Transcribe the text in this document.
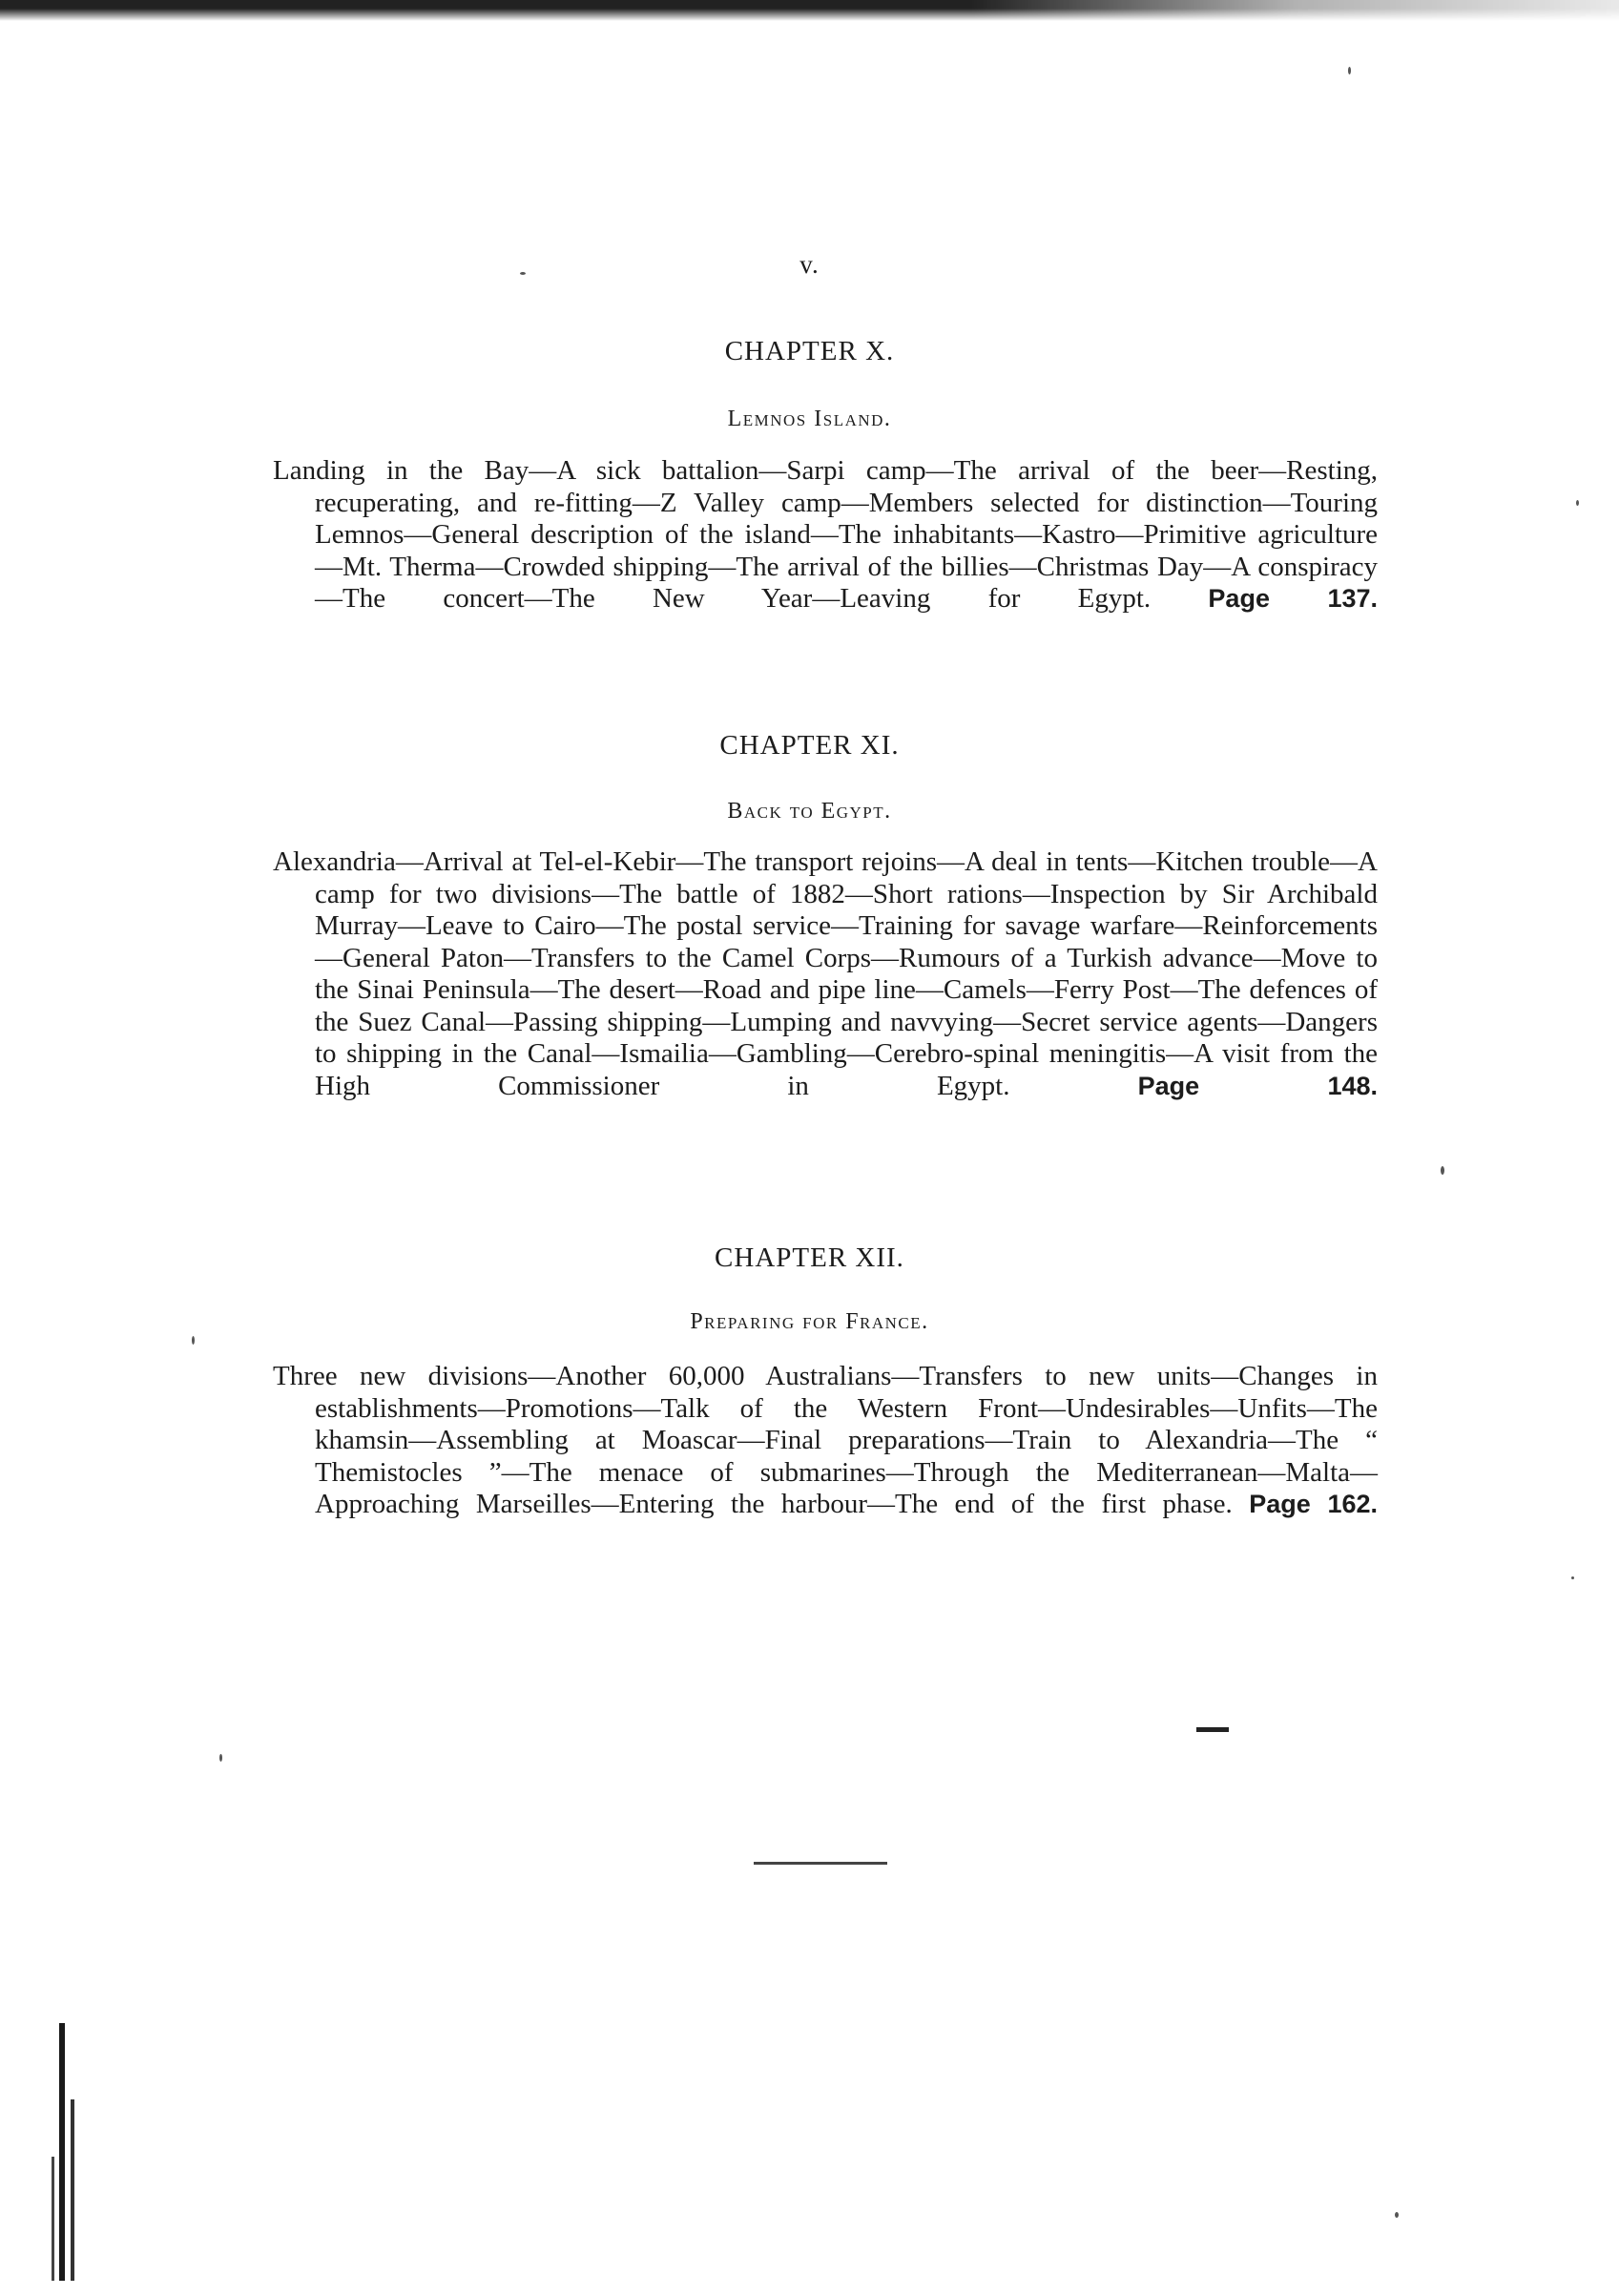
v.
CHAPTER X.
Lemnos Island.
Landing in the Bay—A sick battalion—Sarpi camp—The arrival of the beer—Resting, recuperating, and re-fitting—Z Valley camp—Members selected for distinction—Touring Lemnos—General description of the island—The inhabitants—Kastro—Primitive agriculture—Mt. Therma—Crowded shipping—The arrival of the billies—Christmas Day—A conspiracy—The concert—The New Year—Leaving for Egypt. Page 137.
CHAPTER XI.
Back to Egypt.
Alexandria—Arrival at Tel-el-Kebir—The transport rejoins—A deal in tents—Kitchen trouble—A camp for two divisions—The battle of 1882—Short rations—Inspection by Sir Archibald Murray—Leave to Cairo—The postal service—Training for savage warfare—Reinforcements—General Paton—Transfers to the Camel Corps—Rumours of a Turkish advance—Move to the Sinai Peninsula—The desert—Road and pipe line—Camels—Ferry Post—The defences of the Suez Canal—Passing shipping—Lumping and navvying—Secret service agents—Dangers to shipping in the Canal—Ismailia—Gambling—Cerebro-spinal meningitis—A visit from the High Commissioner in Egypt.	Page 148.
CHAPTER XII.
Preparing for France.
Three new divisions—Another 60,000 Australians—Transfers to new units—Changes in establishments—Promotions—Talk of the Western Front—Undesirables—Unfits—The khamsin—Assembling at Moascar—Final preparations—Train to Alexandria—The “ Themistocles ”—The menace of submarines—Through the Mediterranean—Malta—Approaching Marseilles—Entering the harbour—The end of the first phase. Page 162.
